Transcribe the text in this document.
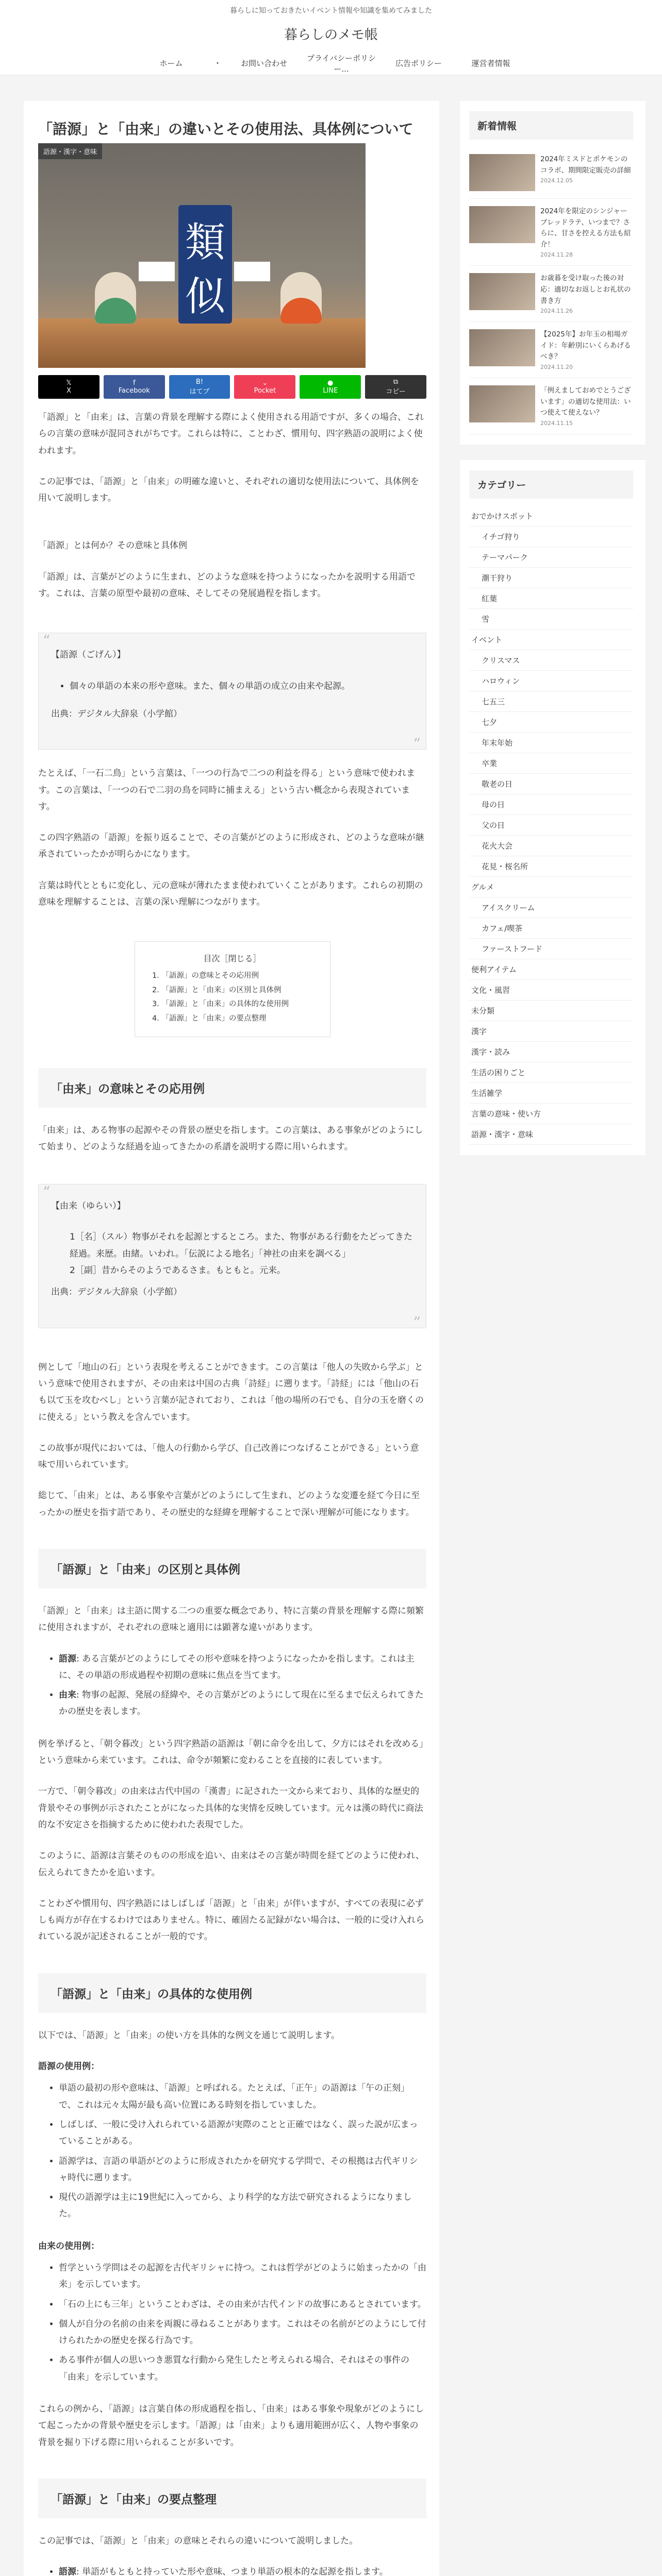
暮らしに知っておきたいイベント情報や知識を集めてみました
暮らしのメモ帳
ホーム	・	お問い合わせ
プライバシーポリシー...
広告ポリシー	運営者情報
「語源」と「由来」の違いとその使用法、具体例について
語源・漢字・意味
類
似
𝕏
X
f
Facebook
B!
はてブ
⌄
Pocket
●
LINE
⧉
コピー

「語源」と「由来」は、言葉の背景を理解する際によく使用される用語ですが、多くの場合、これらの言葉の意味が混同されがちです。これらは特に、ことわざ、慣用句、四字熟語の説明によく使われます。

この記事では、「語源」と「由来」の明確な違いと、それぞれの適切な使用法について、具体例を用いて説明します。

「語源」とは何か？その意味と具体例

「語源」は、言葉がどのように生まれ、どのような意味を持つようになったかを説明する用語です。これは、言葉の原型や最初の意味、そしてその発展過程を指します。

“

【語源（ごげん）】

• 個々の単語の本来の形や意味。また、個々の単語の成立の由来や起源。

出典：デジタル大辞泉（小学館）

”

たとえば、「一石二鳥」という言葉は、「一つの行為で二つの利益を得る」という意味で使われます。この言葉は、「一つの石で二羽の鳥を同時に捕まえる」という古い概念から表現されています。

この四字熟語の「語源」を振り返ることで、その言葉がどのように形成され、どのような意味が継承されていったかが明らかになります。

言葉は時代とともに変化し、元の意味が薄れたまま使われていくことがあります。これらの初期の意味を理解することは、言葉の深い理解につながります。

目次［閉じる］
1. 「語源」の意味とその応用例
2. 「語源」と「由来」の区別と具体例
3. 「語源」と「由来」の具体的な使用例
4. 「語源」と「由来」の要点整理
「由来」の意味とその応用例

「由来」は、ある物事の起源やその背景の歴史を指します。この言葉は、ある事象がどのようにして始まり、どのような経過を辿ってきたかの系譜を説明する際に用いられます。

“

【由来（ゆらい）】

1［名］（スル）物事がそれを起源とするところ。また、物事がある行動をたどってきた経過。来歴。由緒。いわれ。「伝説による地名」「神社の由来を調べる」
2［副］昔からそのようであるさま。もともと。元来。

出典：デジタル大辞泉（小学館）

”

例として「地山の石」という表現を考えることができます。この言葉は「他人の失敗から学ぶ」という意味で使用されますが、その由来は中国の古典「詩経」に遡ります。「詩経」には「他山の石も以て玉を攻むべし」という言葉が記されており、これは「他の場所の石でも、自分の玉を磨くのに使える」という教えを含んでいます。

この故事が現代においては、「他人の行動から学び、自己改善につなげることができる」という意味で用いられています。

総じて、「由来」とは、ある事象や言葉がどのようにして生まれ、どのような変遷を経て今日に至ったかの歴史を指す語であり、その歴史的な経緯を理解することで深い理解が可能になります。

「語源」と「由来」の区別と具体例

「語源」と「由来」は主語に関する二つの重要な概念であり、特に言葉の背景を理解する際に頻繁に使用されますが、それぞれの意味と適用には顕著な違いがあります。

• 語源: ある言葉がどのようにしてその形や意味を持つようになったかを指します。これは主に、その単語の形成過程や初期の意味に焦点を当てます。
• 由来: 物事の起源、発展の経緯や、その言葉がどのようにして現在に至るまで伝えられてきたかの歴史を表します。

例を挙げると、「朝令暮改」という四字熟語の語源は「朝に命令を出して、夕方にはそれを改める」という意味から来ています。これは、命令が頻繁に変わることを直接的に表しています。

一方で、「朝令暮改」の由来は古代中国の「漢書」に記された一文から来ており、具体的な歴史的背景やその事例が示されたことがになった具体的な実情を反映しています。元々は漢の時代に商法的な不安定さを指摘するために使われた表現でした。

このように、語源は言葉そのものの形成を追い、由来はその言葉が時間を経てどのように使われ、伝えられてきたかを追います。

ことわざや慣用句、四字熟語にはしばしば「語源」と「由来」が伴いますが、すべての表現に必ずしも両方が存在するわけではありません。特に、確固たる記録がない場合は、一般的に受け入れられている説が記述されることが一般的です。

「語源」と「由来」の具体的な使用例

以下では、「語源」と「由来」の使い方を具体的な例文を通じて説明します。

語源の使用例：

• 単語の最初の形や意味は、「語源」と呼ばれる。たとえば、「正午」の語源は「午の正刻」で、これは元々太陽が最も高い位置にある時刻を指していました。
• しばしば、一般に受け入れられている語源が実際のことと正確ではなく、誤った説が広まっていることがある。
• 語源学は、言語の単語がどのように形成されたかを研究する学問で、その根拠は古代ギリシャ時代に遡ります。
• 現代の語源学は主に19世紀に入ってから、より科学的な方法で研究されるようになりました。

由来の使用例：

• 哲学という学問はその起源を古代ギリシャに持つ。これは哲学がどのように始まったかの「由来」を示しています。
• 「石の上にも三年」ということわざは、その由来が古代インドの故事にあるとされています。
• 個人が自分の名前の由来を両親に尋ねることがあります。これはその名前がどのようにして付けられたかの歴史を探る行為です。
• ある事件が個人の思いつき悪質な行動から発生したと考えられる場合、それはその事件の「由来」を示しています。

これらの例から、「語源」は言葉自体の形成過程を指し、「由来」はある事象や現象がどのようにして起こったかの背景や歴史を示します。「語源」は「由来」よりも適用範囲が広く、人物や事象の背景を掘り下げる際に用いられることが多いです。

「語源」と「由来」の要点整理

この記事では、「語源」と「由来」の意味とそれらの違いについて説明しました。

• 語源: 単語がもともと持っていた形や意味、つまり単語の根本的な起源を指します。

新着情報
2024年ミスドとポケモンのコラボ、期間限定販売の詳細
2024.12.05
2024年を限定のシンジャーブレッドラテ、いつまで？さらに、甘さを控える方法も紹介！
2024.11.28
お歳暮を受け取った後の対応：適切なお返しとお礼状の書き方
2024.11.26
【2025年】お年玉の相場ガイド：年齢別にいくらあげるべき？
2024.11.20
「例えましておめでとうございます」の適切な使用法：いつ使えて使えない？
2024.11.15
カテゴリー
おでかけスポット
イチゴ狩り
テーマパーク
潮干狩り
紅葉
雪
イベント
クリスマス
ハロウィン
七五三
七夕
年末年始
卒業
敬老の日
母の日
父の日
花火大会
花見・桜名所
グルメ
アイスクリーム
カフェ/喫茶
ファーストフード
便利アイテム
文化・風習
未分類
漢字
漢字・読み
生活の困りごと
生活雑学
言葉の意味・使い方
語源・漢字・意味
